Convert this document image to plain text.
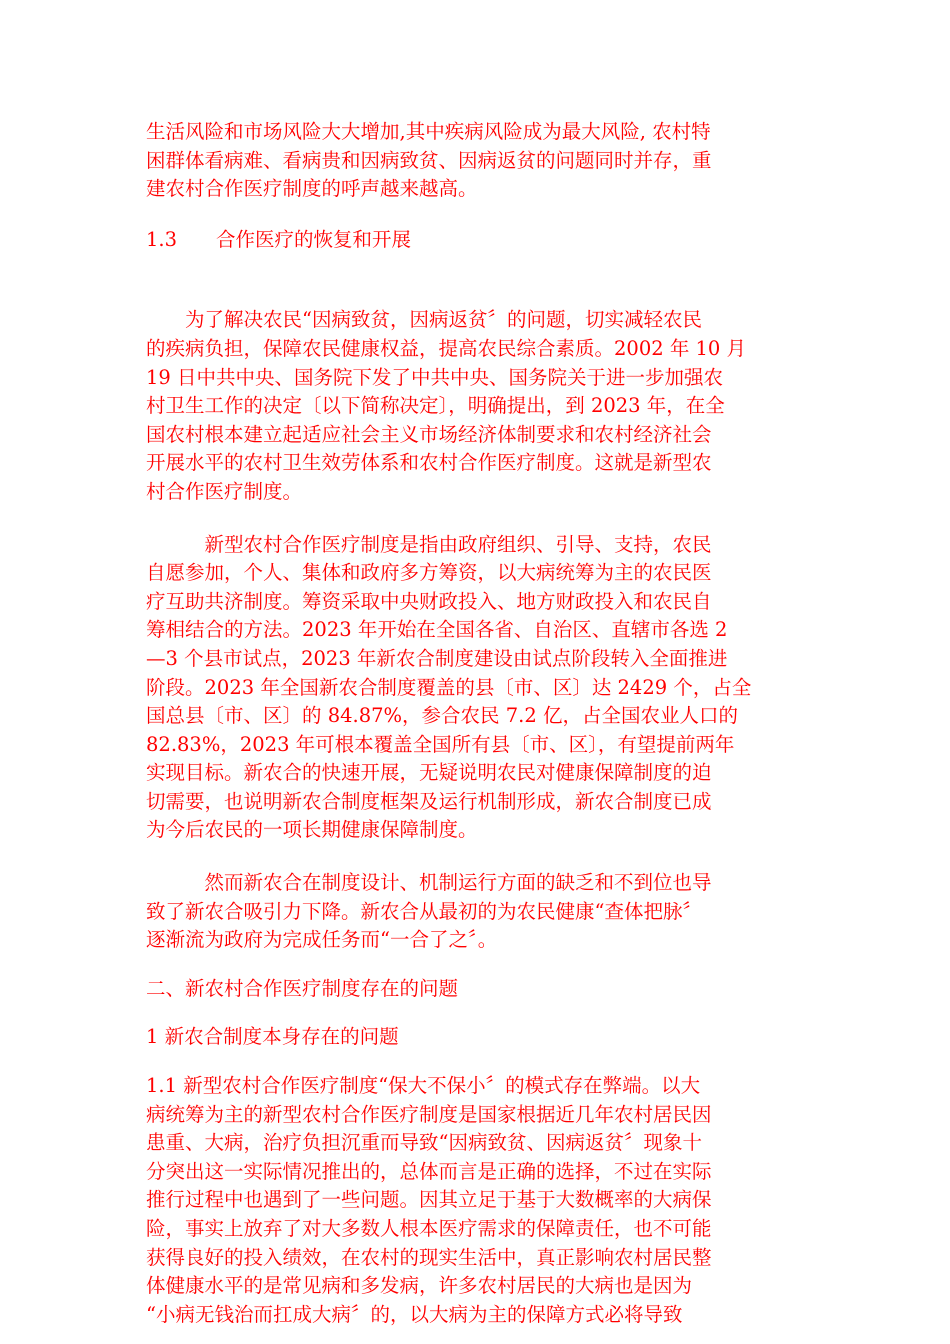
生活风险和市场风险大大增加,其中疾病风险成为最大风险, 农村特
困群体看病难、看病贵和因病致贫、因病返贫的问题同时并存，重
建农村合作医疗制度的呼声越来越高。
1.3　　合作医疗的恢复和开展
　　为了解决农民“因病致贫，因病返贫〞的问题，切实减轻农民
的疾病负担，保障农民健康权益，提高农民综合素质。2002 年 10 月
19 日中共中央、国务院下发了中共中央、国务院关于进一步加强农
村卫生工作的决定〔以下简称决定〕，明确提出，到 2023 年，在全
国农村根本建立起适应社会主义市场经济体制要求和农村经济社会
开展水平的农村卫生效劳体系和农村合作医疗制度。这就是新型农
村合作医疗制度。
　　　新型农村合作医疗制度是指由政府组织、引导、支持，农民
自愿参加，个人、集体和政府多方筹资，以大病统筹为主的农民医
疗互助共济制度。筹资采取中央财政投入、地方财政投入和农民自
筹相结合的方法。2023 年开始在全国各省、自治区、直辖市各选 2
—3 个县市试点，2023 年新农合制度建设由试点阶段转入全面推进
阶段。2023 年全国新农合制度覆盖的县〔市、区〕达 2429 个，占全
国总县〔市、区〕的 84.87%，参合农民 7.2 亿，占全国农业人口的
82.83%，2023 年可根本覆盖全国所有县〔市、区〕，有望提前两年
实现目标。新农合的快速开展，无疑说明农民对健康保障制度的迫
切需要，也说明新农合制度框架及运行机制形成，新农合制度已成
为今后农民的一项长期健康保障制度。
　　　然而新农合在制度设计、机制运行方面的缺乏和不到位也导
致了新农合吸引力下降。新农合从最初的为农民健康“查体把脉〞
逐渐流为政府为完成任务而“一合了之〞。
二、新农村合作医疗制度存在的问题
1 新农合制度本身存在的问题
1.1 新型农村合作医疗制度“保大不保小〞的模式存在弊端。以大
病统筹为主的新型农村合作医疗制度是国家根据近几年农村居民因
患重、大病，治疗负担沉重而导致“因病致贫、因病返贫〞现象十
分突出这一实际情况推出的，总体而言是正确的选择，不过在实际
推行过程中也遇到了一些问题。因其立足于基于大数概率的大病保
险，事实上放弃了对大多数人根本医疗需求的保障责任，也不可能
获得良好的投入绩效，在农村的现实生活中，真正影响农村居民整
体健康水平的是常见病和多发病，许多农村居民的大病也是因为
“小病无钱治而扛成大病〞的，以大病为主的保障方式必将导致
